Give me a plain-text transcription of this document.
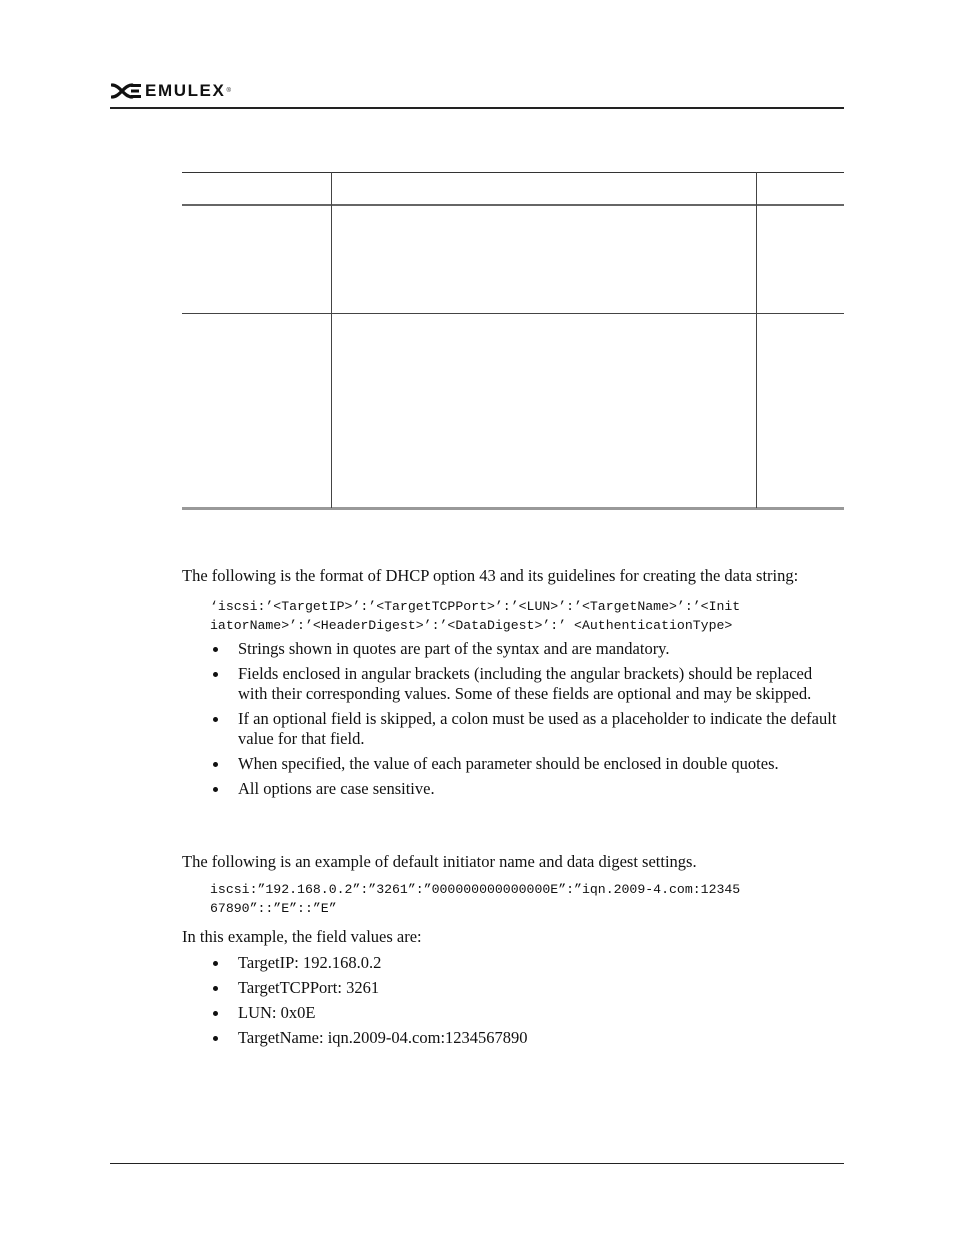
EMULEX ®

The following is the format of DHCP option 43 and its guidelines for creating the data string:

‘iscsi:’<TargetIP>’:’<TargetTCPPort>’:’<LUN>’:’<TargetName>’:’<Init
iatorName>’:’<HeaderDigest>’:’<DataDigest>’:’ <AuthenticationType>
Strings shown in quotes are part of the syntax and are mandatory.
Fields enclosed in angular brackets (including the angular brackets) should be replaced with their corresponding values. Some of these fields are optional and may be skipped.
If an optional field is skipped, a colon must be used as a placeholder to indicate the default value for that field.
When specified, the value of each parameter should be enclosed in double quotes.
All options are case sensitive.

The following is an example of default initiator name and data digest settings.

iscsi:”192.168.0.2”:”3261”:”000000000000000E”:”iqn.2009-4.com:12345
67890”::”E”::”E”

In this example, the field values are:

TargetIP: 192.168.0.2
TargetTCPPort: 3261
LUN: 0x0E
TargetName: iqn.2009-04.com:1234567890
